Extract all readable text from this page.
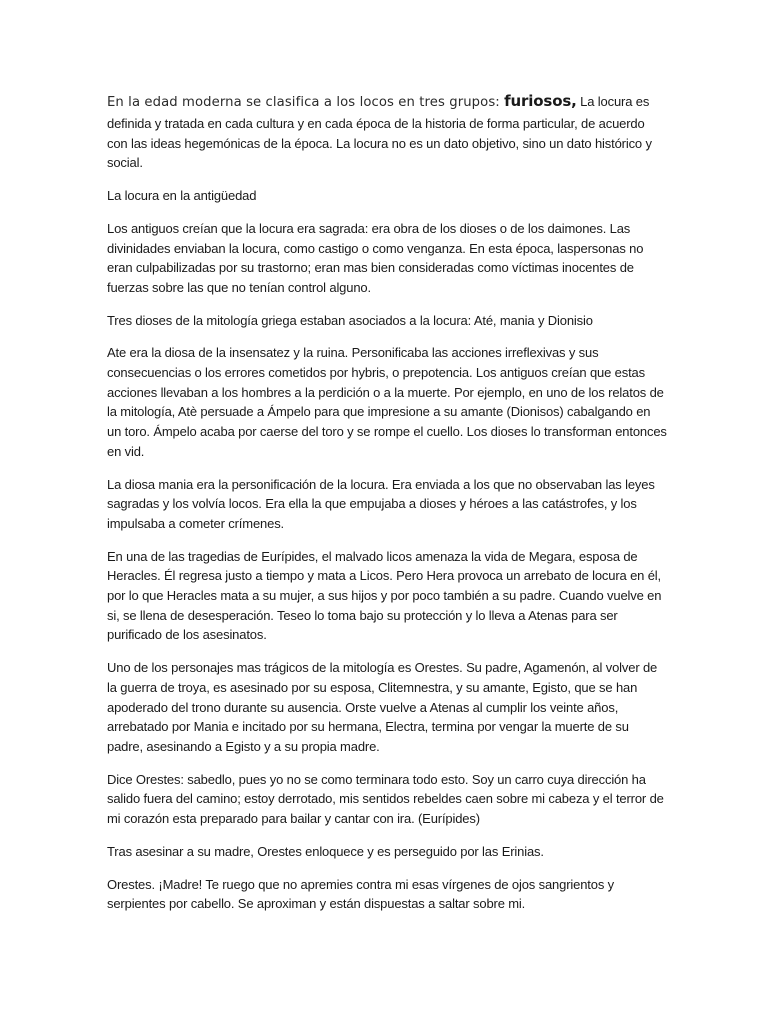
En la edad moderna se clasifica a los locos en tres grupos: furiosos, La locura es definida y tratada en cada cultura y en cada época de la historia de forma particular, de acuerdo con las ideas hegemónicas de la época. La locura no es un dato objetivo, sino un dato histórico y social.

La locura en la antigüedad

Los antiguos creían que la locura era sagrada: era obra de los dioses o de los daimones. Las divinidades enviaban la locura, como castigo o como venganza. En esta época, laspersonas no eran culpabilizadas por su trastorno; eran mas bien consideradas como víctimas inocentes de fuerzas sobre las que no tenían control alguno.

Tres dioses de la mitología griega estaban asociados a la locura: Até, mania y Dionisio

Ate era la diosa de la insensatez y la ruina. Personificaba las acciones irreflexivas y sus consecuencias o los errores cometidos por hybris, o prepotencia. Los antiguos creían que estas acciones llevaban a los hombres a la perdición o a la muerte. Por ejemplo, en uno de los relatos de la mitología, Atè persuade a Ámpelo para que impresione a su amante (Dionisos) cabalgando en un toro. Ámpelo acaba por caerse del toro y se rompe el cuello. Los dioses lo transforman entonces en vid.

La diosa mania era la personificación de la locura. Era enviada a los que no observaban las leyes sagradas y los volvía locos. Era ella la que empujaba a dioses y héroes a las catástrofes, y los impulsaba a cometer crímenes.

En una de las tragedias de Eurípides, el malvado licos amenaza la vida de Megara, esposa de Heracles. Él regresa justo a tiempo y mata a Licos. Pero Hera provoca un arrebato de locura en él, por lo que Heracles mata a su mujer, a sus hijos y por poco también a su padre. Cuando vuelve en si, se llena de desesperación. Teseo lo toma bajo su protección y lo lleva a Atenas para ser purificado de los asesinatos.

Uno de los personajes mas trágicos de la mitología es Orestes. Su padre, Agamenón, al volver de la guerra de troya, es asesinado por su esposa, Clitemnestra, y su amante, Egisto, que se han apoderado del trono durante su ausencia. Orste vuelve a Atenas al cumplir los veinte años, arrebatado por Mania e incitado por su hermana, Electra, termina por vengar la muerte de su padre, asesinando a Egisto y a su propia madre.

Dice Orestes: sabedlo, pues yo no se como terminara todo esto. Soy un carro cuya dirección ha salido fuera del camino; estoy derrotado, mis sentidos rebeldes caen sobre mi cabeza y el terror de mi corazón esta preparado para bailar y cantar con ira. (Eurípides)

Tras asesinar a su madre, Orestes enloquece y es perseguido por las Erinias.

Orestes. ¡Madre! Te ruego que no apremies contra mi esas vírgenes de ojos sangrientos y serpientes por cabello. Se aproximan y están dispuestas a saltar sobre mi.
